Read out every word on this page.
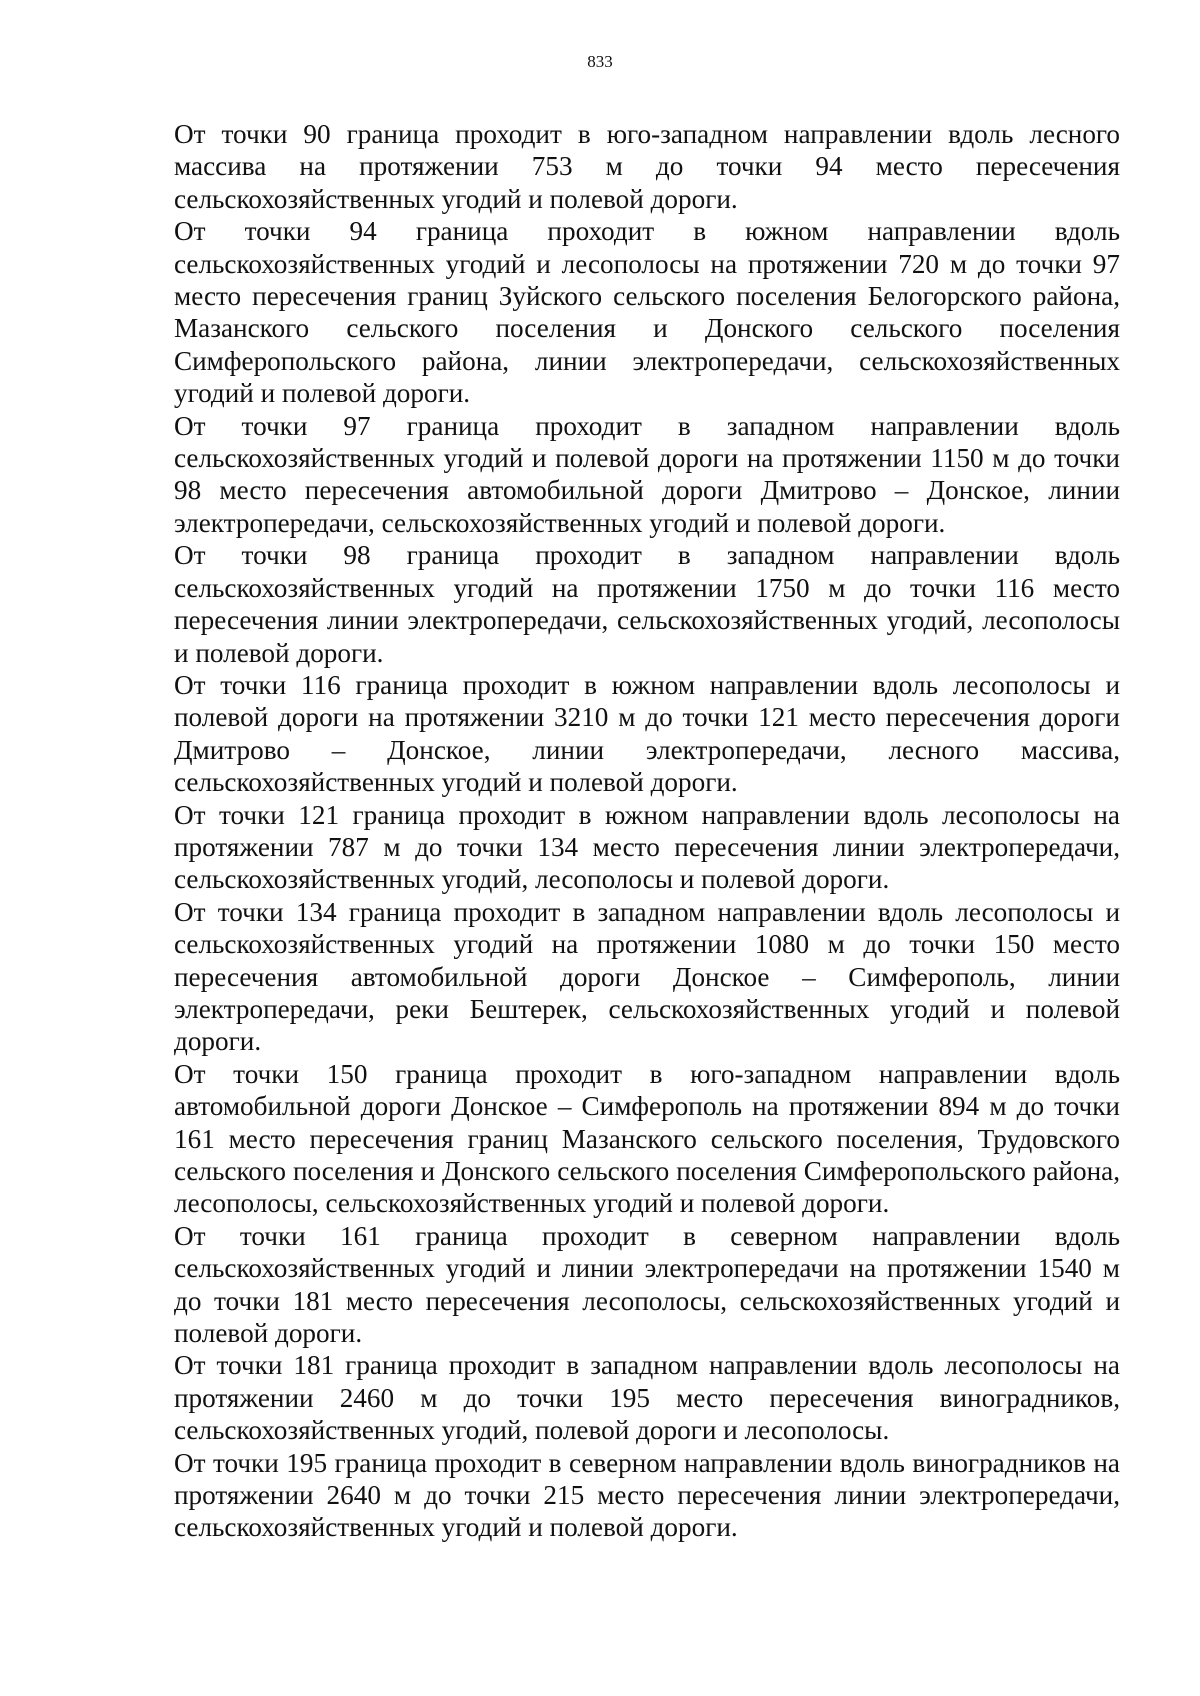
833

От точки 90 граница проходит в юго-западном направлении вдоль лесного массива на протяжении 753 м до точки 94 место пересечения сельскохозяйственных угодий и полевой дороги.

От точки 94 граница проходит в южном направлении вдоль сельскохозяйственных угодий и лесополосы на протяжении 720 м до точки 97 место пересечения границ Зуйского сельского поселения Белогорского района, Мазанского сельского поселения и Донского сельского поселения Симферопольского района, линии электропередачи, сельскохозяйственных угодий и полевой дороги.

От точки 97 граница проходит в западном направлении вдоль сельскохозяйственных угодий и полевой дороги на протяжении 1150 м до точки 98 место пересечения автомобильной дороги Дмитрово – Донское, линии электропередачи, сельскохозяйственных угодий и полевой дороги.

От точки 98 граница проходит в западном направлении вдоль сельскохозяйственных угодий на протяжении 1750 м до точки 116 место пересечения линии электропередачи, сельскохозяйственных угодий, лесополосы и полевой дороги.

От точки 116 граница проходит в южном направлении вдоль лесополосы и полевой дороги на протяжении 3210 м до точки 121 место пересечения дороги Дмитрово – Донское, линии электропередачи, лесного массива, сельскохозяйственных угодий и полевой дороги.

От точки 121 граница проходит в южном направлении вдоль лесополосы на протяжении 787 м до точки 134 место пересечения линии электропередачи, сельскохозяйственных угодий, лесополосы и полевой дороги.

От точки 134 граница проходит в западном направлении вдоль лесополосы и сельскохозяйственных угодий на протяжении 1080 м до точки 150 место пересечения автомобильной дороги Донское – Симферополь, линии электропередачи, реки Бештерек, сельскохозяйственных угодий и полевой дороги.

От точки 150 граница проходит в юго-западном направлении вдоль автомобильной дороги Донское – Симферополь на протяжении 894 м до точки 161 место пересечения границ Мазанского сельского поселения, Трудовского сельского поселения и Донского сельского поселения Симферопольского района, лесополосы, сельскохозяйственных угодий и полевой дороги.

От точки 161 граница проходит в северном направлении вдоль сельскохозяйственных угодий и линии электропередачи на протяжении 1540 м до точки 181 место пересечения лесополосы, сельскохозяйственных угодий и полевой дороги.

От точки 181 граница проходит в западном направлении вдоль лесополосы на протяжении 2460 м до точки 195 место пересечения виноградников, сельскохозяйственных угодий, полевой дороги и лесополосы.

От точки 195 граница проходит в северном направлении вдоль виноградников на протяжении 2640 м до точки 215 место пересечения линии электропередачи, сельскохозяйственных угодий и полевой дороги.
